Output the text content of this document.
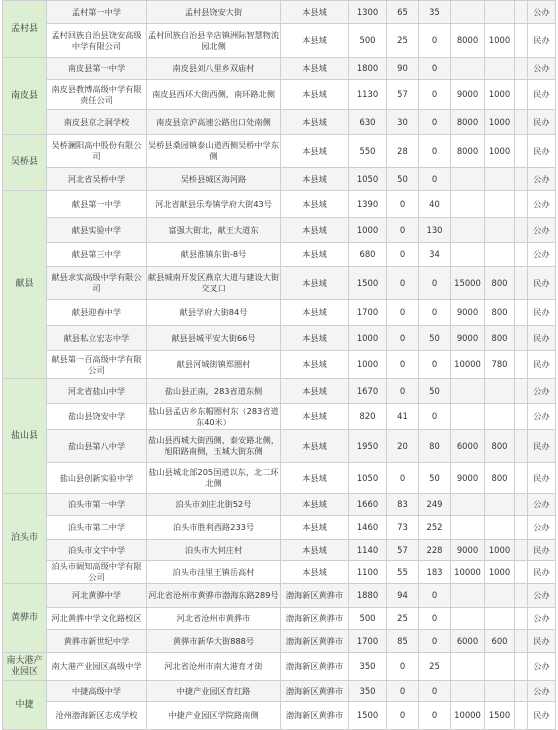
孟村县	孟村第一中学	孟村县饶安大街	本县域	1300	65	35				公办
	孟村回族自治县饶安高级中学有限公司	孟村回族自治县辛店镇洲际智慧物流园北侧	本县域	500	25	0	8000	1000		民办
南皮县	南皮县第一中学	南皮县刘八里乡双庙村	本县域	1800	90	0				公办
	南皮县教博高级中学有限责任公司	南皮县西环大街西侧，南环路北侧	本县域	1130	57	0	9000	1000		民办
	南皮县京之洞学校	南皮县京沪高速公路出口处南侧	本县域	630	30	0	8000	1000		民办
吴桥县	吴桥澜阳高中股份有限公司	吴桥县桑园镇泰山道西侧吴桥中学东侧	本县域	550	28	0	8000	1000		民办
	河北省吴桥中学	吴桥县城区海河路	本县域	1050	50	0				公办
献县	献县第一中学	河北省献县乐寿镇学府大街43号	本县域	1390	0	40				公办
	献县实验中学	富强大街北，献王大道东	本县域	1000	0	130				公办
	献县第三中学	献县淮镇东街-8号	本县域	680	0	34				公办
	献县求实高级中学有限公司	献县城南开发区燕京大道与建设大街交叉口	本县域	1500	0	0	15000	800		民办
	献县迎春中学	献县学府大街84号	本县域	1700	0	0	9000	800		民办
	献县私立宏志中学	献县县城平安大街66号	本县域	1000	0	50	9000	800		民办
	献县第一百高级中学有限公司	献县河城街镇郑圈村	本县域	1000	0	0	10000	780		民办
盐山县	河北省盐山中学	盐山县正南，283省道东侧	本县域	1670	0	50				公办
	盐山县饶安中学	盐山县孟店乡东帽圈村东（283省道东40米）	本县域	820	41	0				公办
	盐山县第八中学	盐山县西城大街西侧，泰安路北侧，旭阳路南侧，玉城大街东侧	本县域	1950	20	80	6000	800		民办
	盐山县创新实验中学	盐山县城北部205国道以东，北二环北侧	本县域	1050	0	50	9000	800		民办
泊头市	泊头市第一中学	泊头市刘庄北街52号	本县域	1660	83	249				公办
	泊头市第二中学	泊头市胜利西路233号	本县域	1460	73	252				公办
	泊头市文宇中学	泊头市大何庄村	本县域	1140	57	228	9000	1000		民办
	泊头市阔知高级中学有限公司	泊头市洼里王镇岳高村	本县域	1100	55	183	10000	1000		民办
黄骅市	河北黄骅中学	河北省沧州市黄骅市渤海东路289号	渤海新区黄骅市	1880	94	0				公办
	河北黄骅中学文化路校区	河北省沧州市黄骅市	渤海新区黄骅市	500	25	0				公办
	黄骅市新世纪中学	黄骅市新华大街888号	渤海新区黄骅市	1700	85	0	6000	600		民办
南大港产业园区	南大港产业园区高级中学	河北省沧州市南大港育才街	渤海新区黄骅市	350	0	25				公办
中捷	中捷高级中学	中捷产业园区育红路	渤海新区黄骅市	350	0	0				公办
	沧州渤海新区志成学校	中捷产业园区学院路南侧	渤海新区黄骅市	1500	0	0	10000	1500		民办
